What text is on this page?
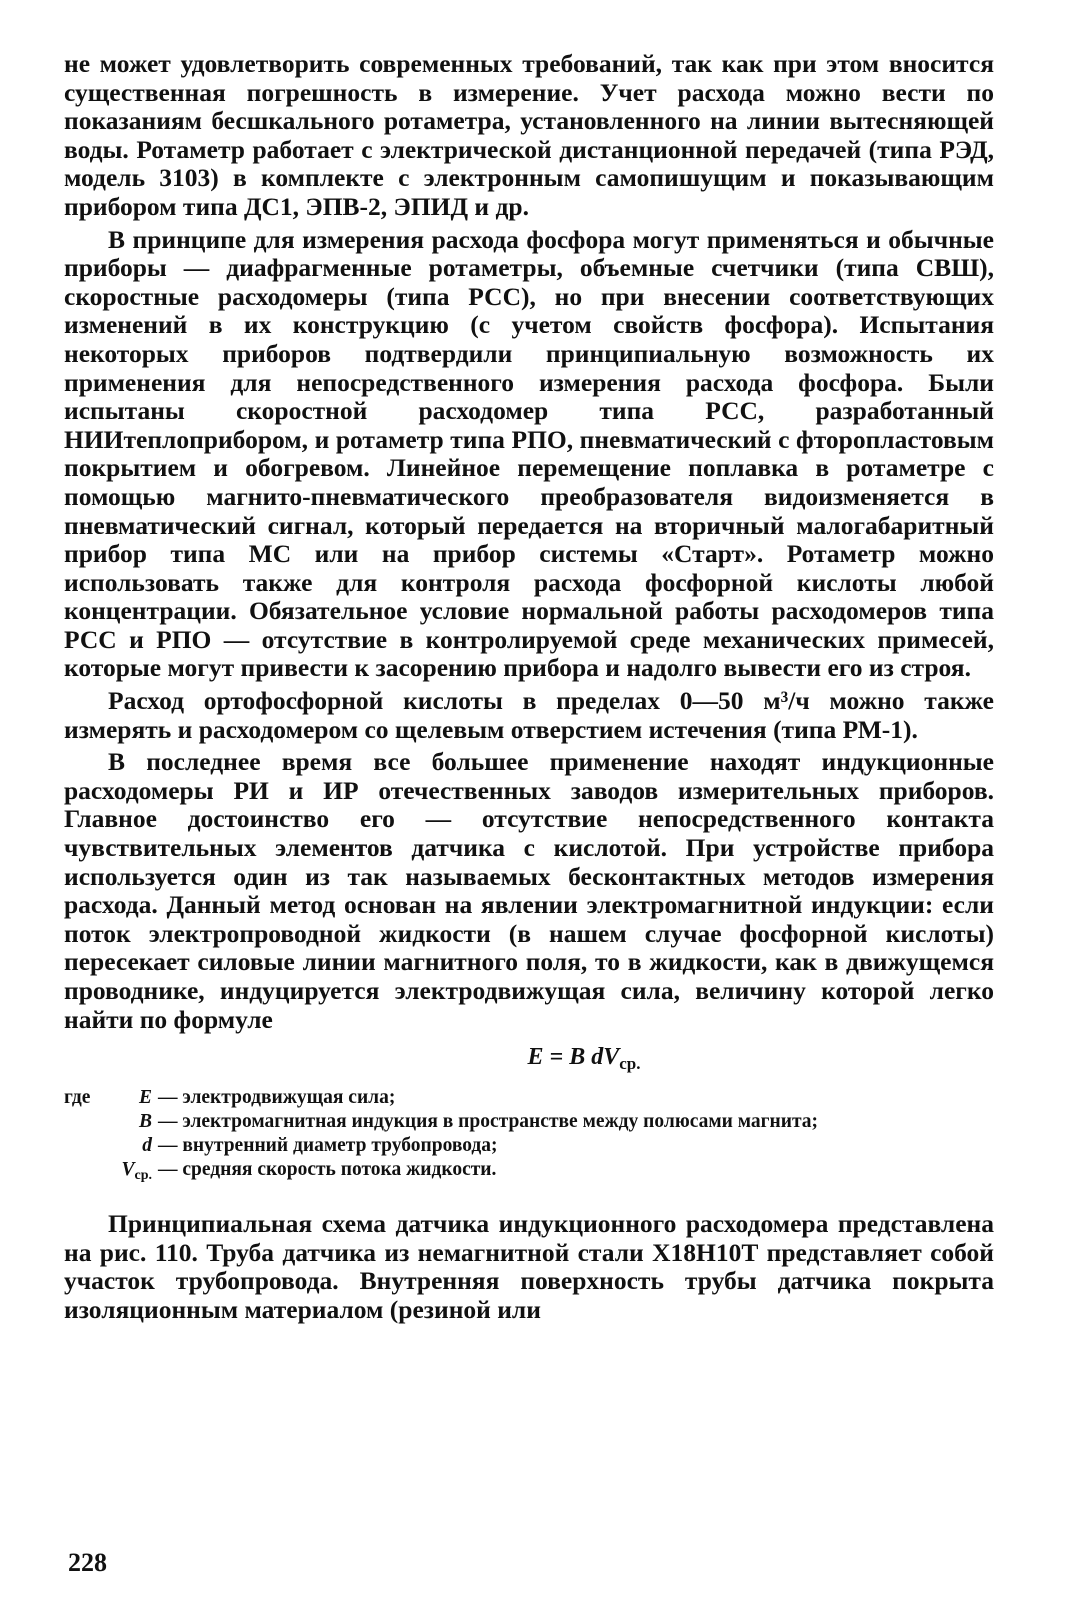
не может удовлетворить современных требований, так как при этом вносится существенная погрешность в измерение. Учет расхода можно вести по показаниям бесшкального ротаметра, установленного на линии вытесняющей воды. Ротаметр работает с электрической дистанционной передачей (типа РЭД, модель 3103) в комплекте с электронным самопишущим и показывающим прибором типа ДС1, ЭПВ-2, ЭПИД и др.

В принципе для измерения расхода фосфора могут применяться и обычные приборы — диафрагменные ротаметры, объемные счетчики (типа СВШ), скоростные расходомеры (типа РСС), но при внесении соответствующих изменений в их конструкцию (с учетом свойств фосфора). Испытания некоторых приборов подтвердили принципиальную возможность их применения для непосредственного измерения расхода фосфора. Были испытаны скоростной расходомер типа РСС, разработанный НИИтеплоприбором, и ротаметр типа РПО, пневматический с фторопластовым покрытием и обогревом. Линейное перемещение поплавка в ротаметре с помощью магнито-пневматического преобразователя видоизменяется в пневматический сигнал, который передается на вторичный малогабаритный прибор типа МС или на прибор системы «Старт». Ротаметр можно использовать также для контроля расхода фосфорной кислоты любой концентрации. Обязательное условие нормальной работы расходомеров типа РСС и РПО — отсутствие в контролируемой среде механических примесей, которые могут привести к засорению прибора и надолго вывести его из строя.

Расход ортофосфорной кислоты в пределах 0—50 м³/ч можно также измерять и расходомером со щелевым отверстием истечения (типа РМ-1).

В последнее время все большее применение находят индукционные расходомеры РИ и ИР отечественных заводов измерительных приборов. Главное достоинство его — отсутствие непосредственного контакта чувствительных элементов датчика с кислотой. При устройстве прибора используется один из так называемых бесконтактных методов измерения расхода. Данный метод основан на явлении электромагнитной индукции: если поток электропроводной жидкости (в нашем случае фосфорной кислоты) пересекает силовые линии магнитного поля, то в жидкости, как в движущемся проводнике, индуцируется электродвижущая сила, величину которой легко найти по формуле

E = B $dV_{ср.}$
где	E — электродвижущая сила;
B — электромагнитная индукция в пространстве между полюсами магнита;
d — внутренний диаметр трубопровода;
$V_{ср.}$ — средняя скорость потока жидкости.

Принципиальная схема датчика индукционного расходомера представлена на рис. 110. Труба датчика из немагнитной стали Х18Н10Т представляет собой участок трубопровода. Внутренняя поверхность трубы датчика покрыта изоляционным материалом (резиной или

228
